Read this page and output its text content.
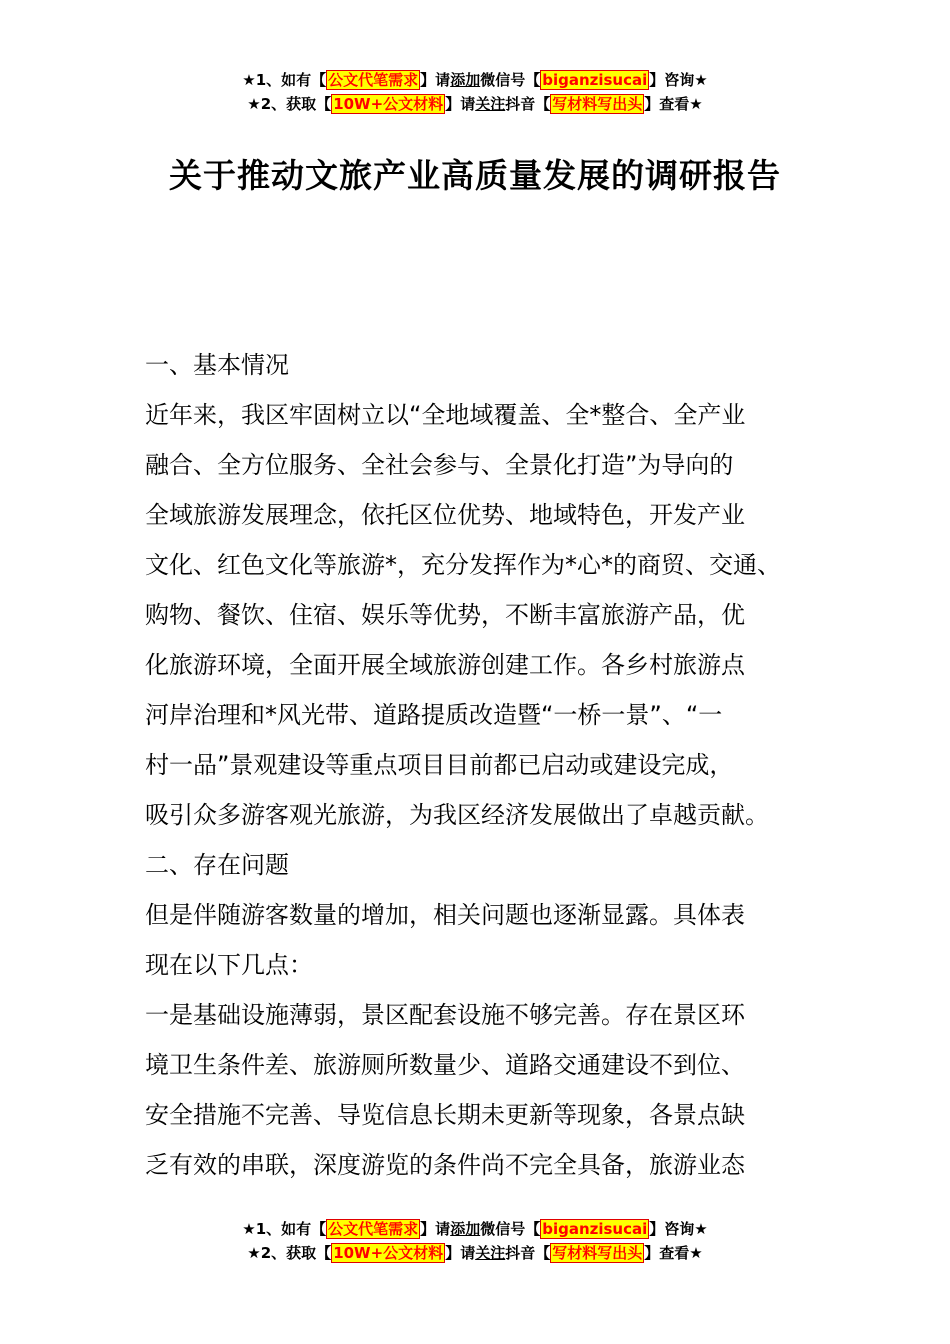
★1、如有【 公文代笔需求 】请添加微信号【 biganzisucai 】咨询★
★2、获取【 10W+公文材料 】请关注抖音【 写材料写出头 】查看★
关于推动文旅产业高质量发展的调研报告

一、基本情况

近年来，我区牢固树立以“全地域覆盖、全*整合、全产业

融合、全方位服务、全社会参与、全景化打造”为导向的

全域旅游发展理念，依托区位优势、地域特色，开发产业

文化、红色文化等旅游*，充分发挥作为*心*的商贸、交通、

购物、餐饮、住宿、娱乐等优势，不断丰富旅游产品，优

化旅游环境，全面开展全域旅游创建工作。各乡村旅游点

河岸治理和*风光带、道路提质改造暨“一桥一景”、“一

村一品”景观建设等重点项目目前都已启动或建设完成，

吸引众多游客观光旅游，为我区经济发展做出了卓越贡献。

二、存在问题

但是伴随游客数量的增加，相关问题也逐渐显露。具体表

现在以下几点：

一是基础设施薄弱，景区配套设施不够完善。存在景区环

境卫生条件差、旅游厕所数量少、道路交通建设不到位、

安全措施不完善、导览信息长期未更新等现象，各景点缺

乏有效的串联，深度游览的条件尚不完全具备，旅游业态

★1、如有【 公文代笔需求 】请添加微信号【 biganzisucai 】咨询★
★2、获取【 10W+公文材料 】请关注抖音【 写材料写出头 】查看★
